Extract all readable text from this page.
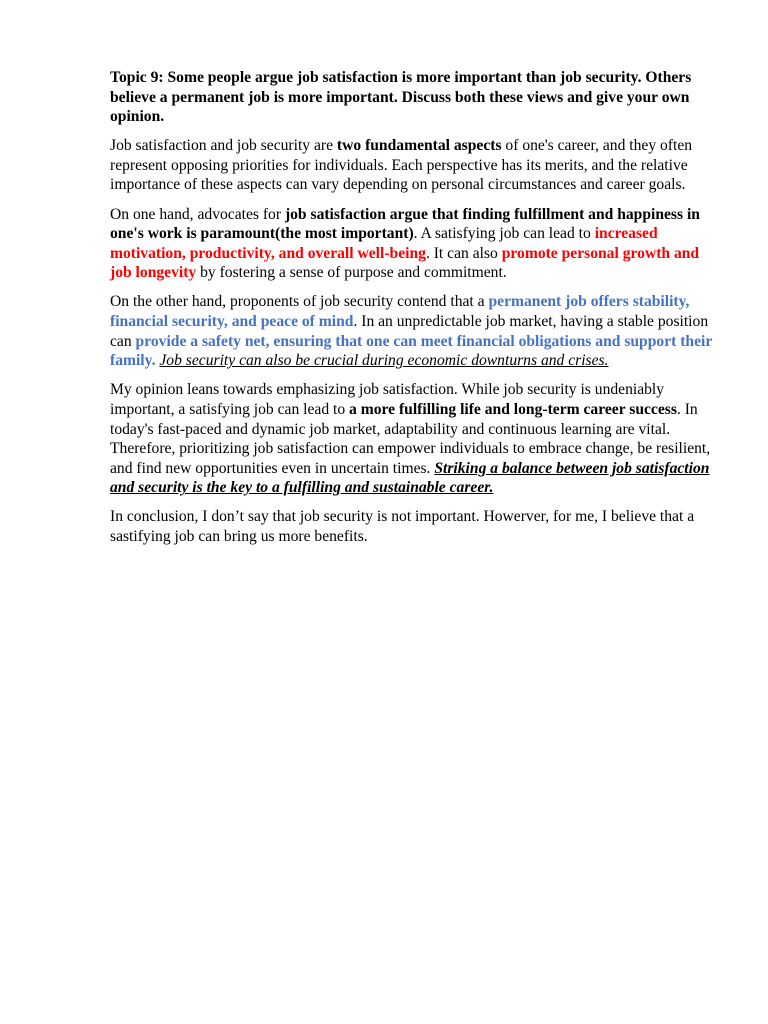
Topic 9: Some people argue job satisfaction is more important than job security. Others believe a permanent job is more important. Discuss both these views and give your own opinion.

Job satisfaction and job security are two fundamental aspects of one's career, and they often represent opposing priorities for individuals. Each perspective has its merits, and the relative importance of these aspects can vary depending on personal circumstances and career goals.

On one hand, advocates for job satisfaction argue that finding fulfillment and happiness in one's work is paramount(the most important). A satisfying job can lead to increased motivation, productivity, and overall well-being. It can also promote personal growth and job longevity by fostering a sense of purpose and commitment.

On the other hand, proponents of job security contend that a permanent job offers stability, financial security, and peace of mind. In an unpredictable job market, having a stable position can provide a safety net, ensuring that one can meet financial obligations and support their family. Job security can also be crucial during economic downturns and crises.

My opinion leans towards emphasizing job satisfaction. While job security is undeniably important, a satisfying job can lead to a more fulfilling life and long-term career success. In today's fast-paced and dynamic job market, adaptability and continuous learning are vital. Therefore, prioritizing job satisfaction can empower individuals to embrace change, be resilient, and find new opportunities even in uncertain times. Striking a balance between job satisfaction and security is the key to a fulfilling and sustainable career.

In conclusion, I don’t say that job security is not important. Howerver, for me, I believe that a sastifying job can bring us more benefits.
